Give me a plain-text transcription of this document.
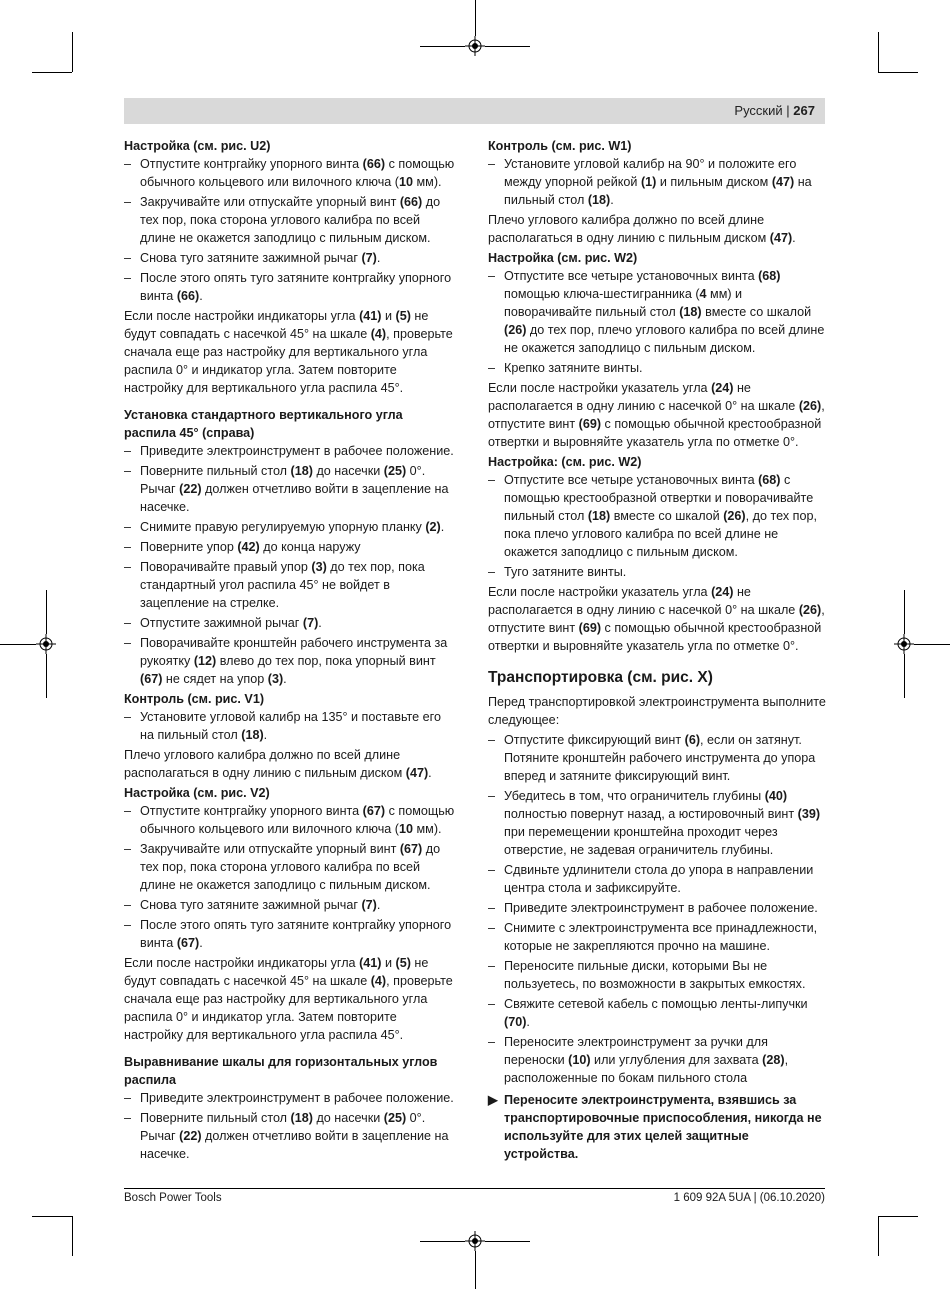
Русский | 267
Настройка (см. рис. U2)
– Отпустите контргайку упорного винта (66) с помощью обычного кольцевого или вилочного ключа (10 мм).
– Закручивайте или отпускайте упорный винт (66) до тех пор, пока сторона углового калибра по всей длине не окажется заподлицо с пильным диском.
– Снова туго затяните зажимной рычаг (7).
– После этого опять туго затяните контргайку упорного винта (66).
Если после настройки индикаторы угла (41) и (5) не будут совпадать с насечкой 45° на шкале (4), проверьте сначала еще раз настройку для вертикального угла распила 0° и индикатор угла. Затем повторите настройку для вертикального угла распила 45°.
Установка стандартного вертикального угла распила 45° (справа)
– Приведите электроинструмент в рабочее положение.
– Поверните пильный стол (18) до насечки (25) 0°. Рычаг (22) должен отчетливо войти в зацепление на насечке.
– Снимите правую регулируемую упорную планку (2).
– Поверните упор (42) до конца наружу
– Поворачивайте правый упор (3) до тех пор, пока стандартный угол распила 45° не войдет в зацепление на стрелке.
– Отпустите зажимной рычаг (7).
– Поворачивайте кронштейн рабочего инструмента за рукоятку (12) влево до тех пор, пока упорный винт (67) не сядет на упор (3).
Контроль (см. рис. V1)
– Установите угловой калибр на 135° и поставьте его на пильный стол (18).
Плечо углового калибра должно по всей длине располагаться в одну линию с пильным диском (47).
Настройка (см. рис. V2)
– Отпустите контргайку упорного винта (67) с помощью обычного кольцевого или вилочного ключа (10 мм).
– Закручивайте или отпускайте упорный винт (67) до тех пор, пока сторона углового калибра по всей длине не окажется заподлицо с пильным диском.
– Снова туго затяните зажимной рычаг (7).
– После этого опять туго затяните контргайку упорного винта (67).
Если после настройки индикаторы угла (41) и (5) не будут совпадать с насечкой 45° на шкале (4), проверьте сначала еще раз настройку для вертикального угла распила 0° и индикатор угла. Затем повторите настройку для вертикального угла распила 45°.
Выравнивание шкалы для горизонтальных углов распила
– Приведите электроинструмент в рабочее положение.
– Поверните пильный стол (18) до насечки (25) 0°. Рычаг (22) должен отчетливо войти в зацепление на насечке.
Контроль (см. рис. W1)
– Установите угловой калибр на 90° и положите его между упорной рейкой (1) и пильным диском (47) на пильный стол (18).
Плечо углового калибра должно по всей длине располагаться в одну линию с пильным диском (47).
Настройка (см. рис. W2)
– Отпустите все четыре установочных винта (68) помощью ключа-шестигранника (4 мм) и поворачивайте пильный стол (18) вместе со шкалой (26) до тех пор, плечо углового калибра по всей длине не окажется заподлицо с пильным диском.
– Крепко затяните винты.
Если после настройки указатель угла (24) не располагается в одну линию с насечкой 0° на шкале (26), отпустите винт (69) с помощью обычной крестообразной отвертки и выровняйте указатель угла по отметке 0°.
Настройка: (см. рис. W2)
– Отпустите все четыре установочных винта (68) с помощью крестообразной отвертки и поворачивайте пильный стол (18) вместе со шкалой (26), до тех пор, пока плечо углового калибра по всей длине не окажется заподлицо с пильным диском.
– Туго затяните винты.
Если после настройки указатель угла (24) не располагается в одну линию с насечкой 0° на шкале (26), отпустите винт (69) с помощью обычной крестообразной отвертки и выровняйте указатель угла по отметке 0°.
Транспортировка (см. рис. X)
Перед транспортировкой электроинструмента выполните следующее:
– Отпустите фиксирующий винт (6), если он затянут. Потяните кронштейн рабочего инструмента до упора вперед и затяните фиксирующий винт.
– Убедитесь в том, что ограничитель глубины (40) полностью повернут назад, а юстировочный винт (39) при перемещении кронштейна проходит через отверстие, не задевая ограничитель глубины.
– Сдвиньте удлинители стола до упора в направлении центра стола и зафиксируйте.
– Приведите электроинструмент в рабочее положение.
– Снимите с электроинструмента все принадлежности, которые не закрепляются прочно на машине.
– Переносите пильные диски, которыми Вы не пользуетесь, по возможности в закрытых емкостях.
– Свяжите сетевой кабель с помощью ленты-липучки (70).
– Переносите электроинструмент за ручки для переноски (10) или углубления для захвата (28), расположенные по бокам пильного стола
▶ Переносите электроинструмента, взявшись за транспортировочные приспособления, никогда не используйте для этих целей защитные устройства.
Bosch Power Tools	1 609 92A 5UA | (06.10.2020)
